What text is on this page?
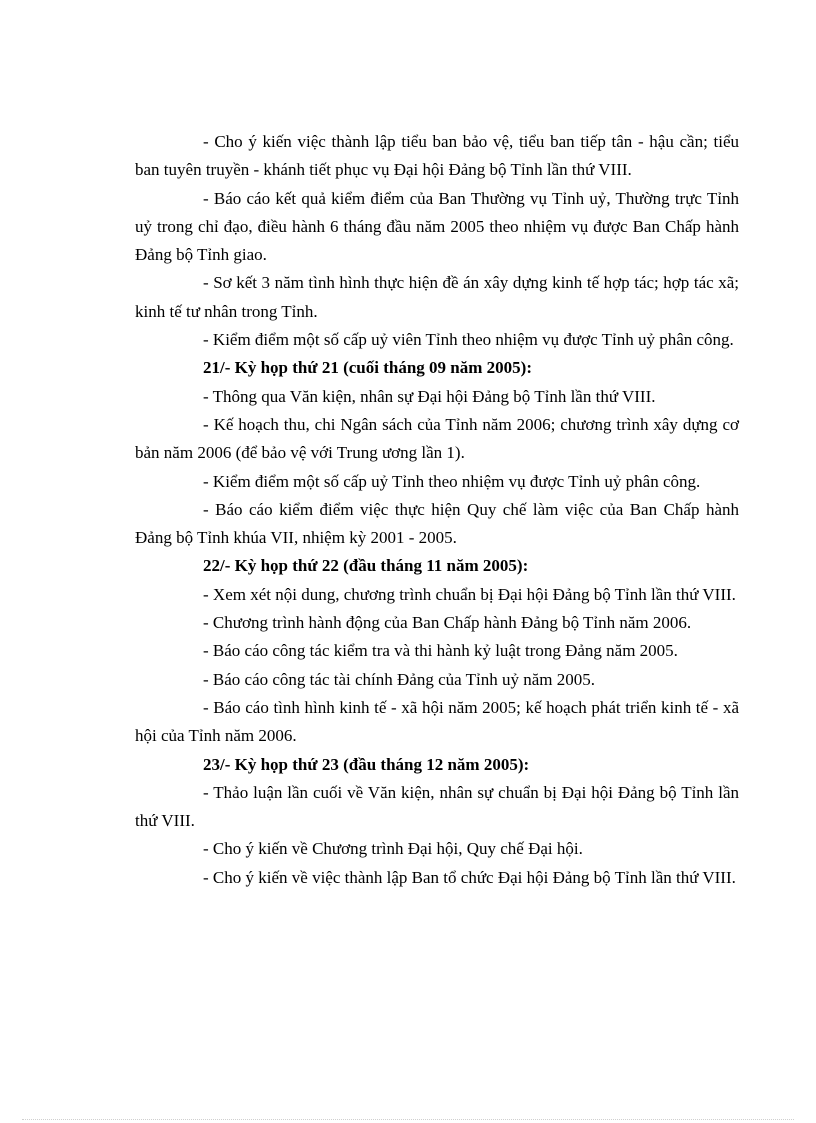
- Cho ý kiến việc thành lập tiểu ban bảo vệ, tiểu ban tiếp tân - hậu cần; tiểu ban tuyên truyền - khánh tiết phục vụ Đại hội Đảng bộ Tỉnh lần thứ VIII.

- Báo cáo kết quả kiểm điểm của Ban Thường vụ Tỉnh uỷ, Thường trực Tỉnh uỷ trong chỉ đạo, điều hành 6 tháng đầu năm 2005 theo nhiệm vụ được Ban Chấp hành Đảng bộ Tỉnh giao.

- Sơ kết 3 năm tình hình thực hiện đề án xây dựng kinh tế hợp tác; hợp tác xã; kinh tế tư nhân trong Tỉnh.

- Kiểm điểm một số cấp uỷ viên Tỉnh theo nhiệm vụ được Tỉnh uỷ phân công.

21/- Kỳ họp thứ 21 (cuối tháng 09 năm 2005):

- Thông qua Văn kiện, nhân sự Đại hội Đảng bộ Tỉnh lần thứ VIII.

- Kế hoạch thu, chi Ngân sách của Tỉnh năm 2006; chương trình xây dựng cơ bản năm 2006 (để bảo vệ với Trung ương lần 1).

- Kiểm điểm một số cấp uỷ Tỉnh theo nhiệm vụ được Tỉnh uỷ phân công.

- Báo cáo kiểm điểm việc thực hiện Quy chế làm việc của Ban Chấp hành Đảng bộ Tỉnh khúa VII, nhiệm kỳ 2001 - 2005.

22/- Kỳ họp thứ 22 (đầu tháng 11 năm 2005):

- Xem xét nội dung, chương trình chuẩn bị Đại hội Đảng bộ Tỉnh lần thứ VIII.

- Chương trình hành động của Ban Chấp hành Đảng bộ Tỉnh năm 2006.

- Báo cáo công tác kiểm tra và thi hành kỷ luật trong Đảng năm 2005.

- Báo cáo công tác tài chính Đảng của Tỉnh uỷ năm 2005.

- Báo cáo tình hình kinh tế - xã hội năm 2005; kế hoạch phát triển kinh tế - xã hội của Tỉnh năm 2006.

23/- Kỳ họp thứ 23 (đầu tháng 12 năm 2005):

- Thảo luận lần cuối về Văn kiện, nhân sự chuẩn bị Đại hội Đảng bộ Tỉnh lần thứ VIII.

- Cho ý kiến về Chương trình Đại hội, Quy chế Đại hội.

- Cho ý kiến về việc thành lập Ban tổ chức Đại hội Đảng bộ Tỉnh lần thứ VIII.
